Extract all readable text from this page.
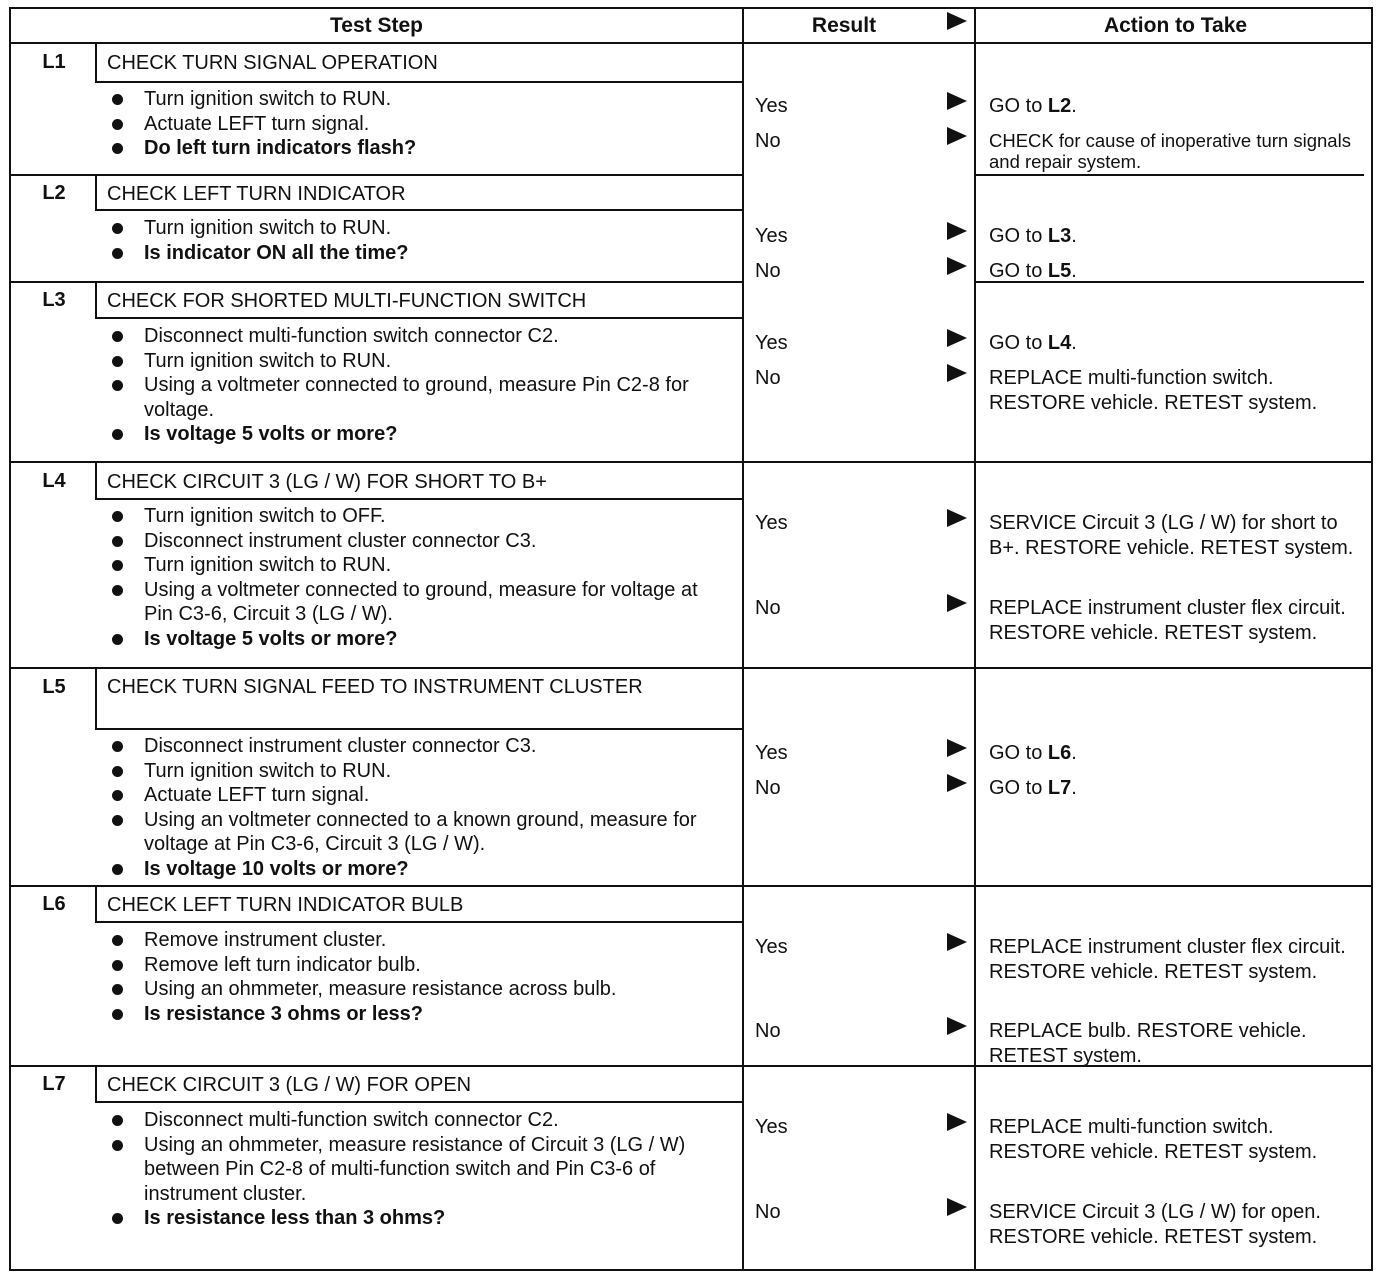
Test Step	Result	Action to Take
L1	CHECK TURN SIGNAL OPERATION
Turn ignition switch to RUN.
Actuate LEFT turn signal.
Do left turn indicators flash?
Yes	GO to L2.
No	CHECK for cause of inoperative turn signals and repair system.
L2	CHECK LEFT TURN INDICATOR
Turn ignition switch to RUN.
Is indicator ON all the time?
Yes	GO to L3.
No	GO to L5.
L3	CHECK FOR SHORTED MULTI-FUNCTION SWITCH
Disconnect multi-function switch connector C2.
Turn ignition switch to RUN.
Using a voltmeter connected to ground, measure Pin C2-8 for voltage.
Is voltage 5 volts or more?
Yes	GO to L4.
No	REPLACE multi-function switch. RESTORE vehicle. RETEST system.
L4	CHECK CIRCUIT 3 (LG / W) FOR SHORT TO B+
Turn ignition switch to OFF.
Disconnect instrument cluster connector C3.
Turn ignition switch to RUN.
Using a voltmeter connected to ground, measure for voltage at Pin C3-6, Circuit 3 (LG / W).
Is voltage 5 volts or more?
Yes	SERVICE Circuit 3 (LG / W) for short to B+. RESTORE vehicle. RETEST system.
No	REPLACE instrument cluster flex circuit. RESTORE vehicle. RETEST system.
L5	CHECK TURN SIGNAL FEED TO INSTRUMENT CLUSTER
Disconnect instrument cluster connector C3.
Turn ignition switch to RUN.
Actuate LEFT turn signal.
Using an voltmeter connected to a known ground, measure for voltage at Pin C3-6, Circuit 3 (LG / W).
Is voltage 10 volts or more?
Yes	GO to L6.
No	GO to L7.
L6	CHECK LEFT TURN INDICATOR BULB
Remove instrument cluster.
Remove left turn indicator bulb.
Using an ohmmeter, measure resistance across bulb.
Is resistance 3 ohms or less?
Yes	REPLACE instrument cluster flex circuit. RESTORE vehicle. RETEST system.
No	REPLACE bulb. RESTORE vehicle. RETEST system.
L7	CHECK CIRCUIT 3 (LG / W) FOR OPEN
Disconnect multi-function switch connector C2.
Using an ohmmeter, measure resistance of Circuit 3 (LG / W) between Pin C2-8 of multi-function switch and Pin C3-6 of instrument cluster.
Is resistance less than 3 ohms?
Yes	REPLACE multi-function switch. RESTORE vehicle. RETEST system.
No	SERVICE Circuit 3 (LG / W) for open. RESTORE vehicle. RETEST system.
